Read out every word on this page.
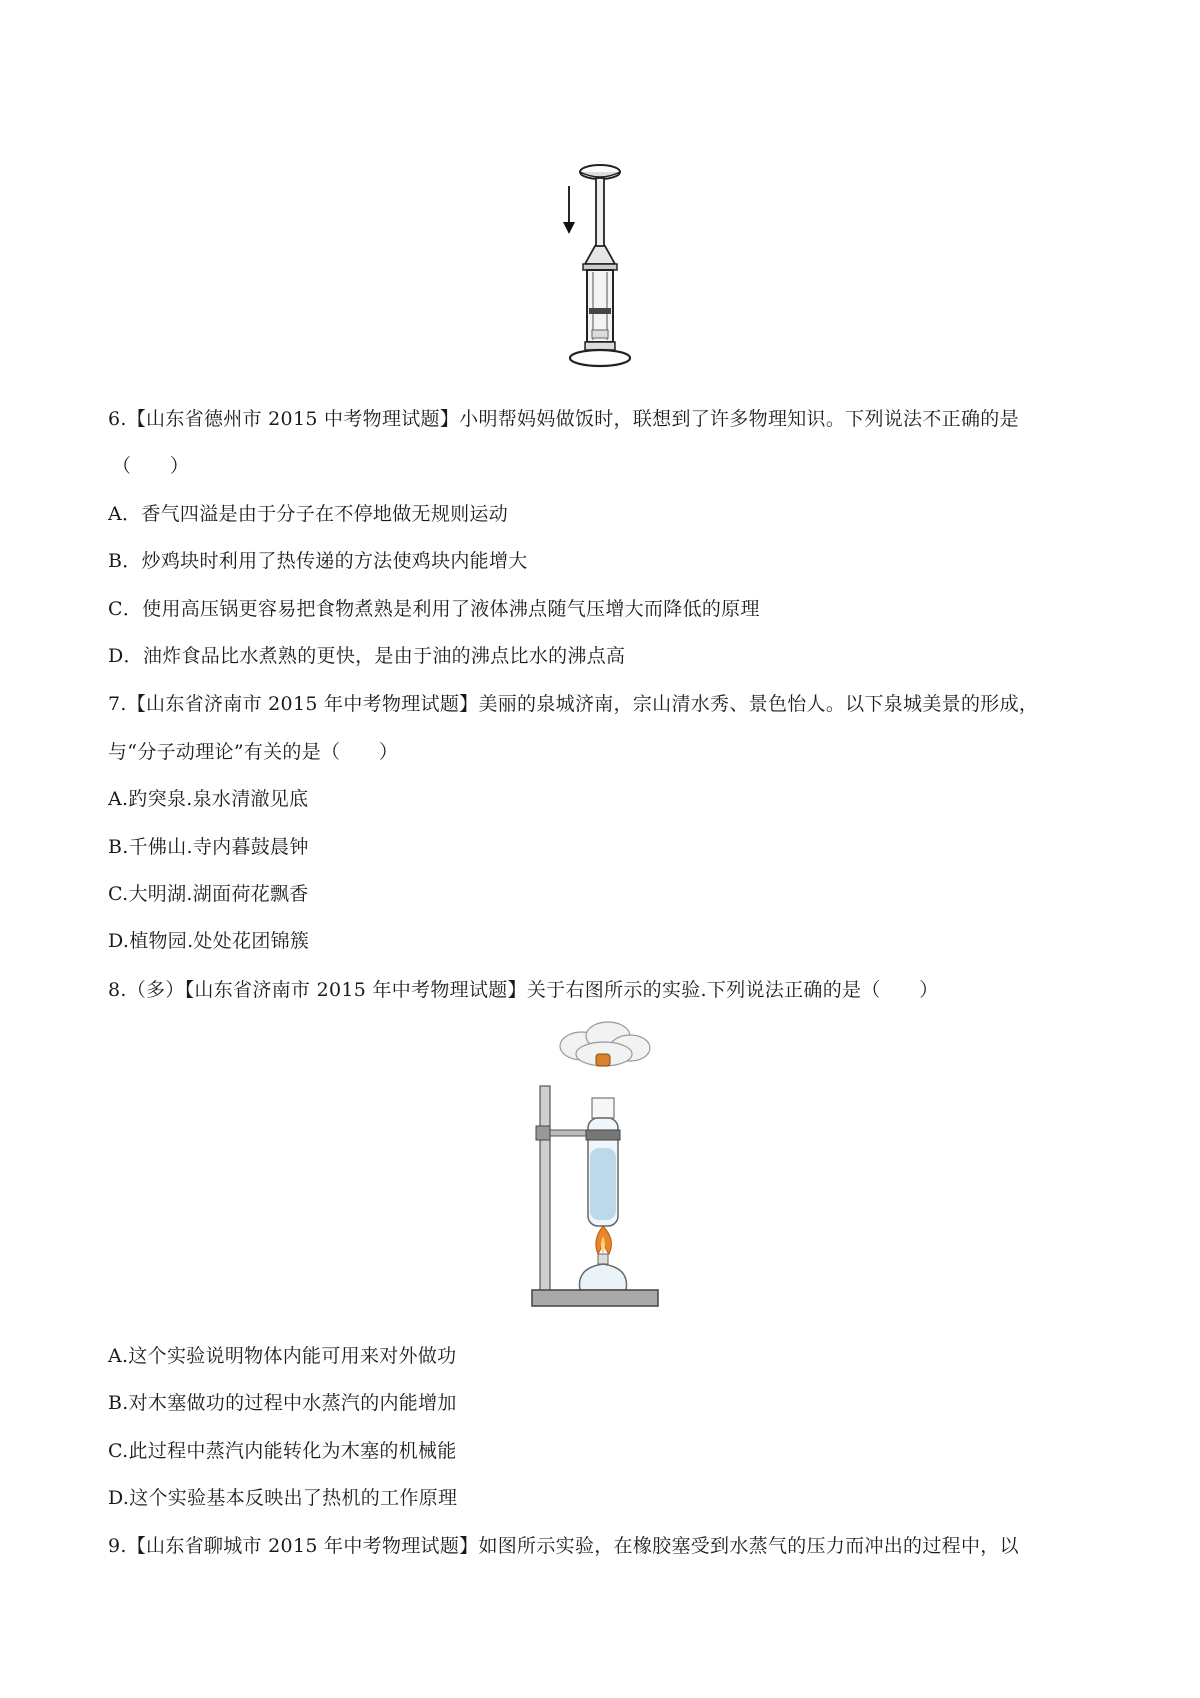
6.【山东省德州市 2015 中考物理试题】小明帮妈妈做饭时，联想到了许多物理知识。下列说法不正确的是
（　　）
A．香气四溢是由于分子在不停地做无规则运动
B．炒鸡块时利用了热传递的方法使鸡块内能增大
C．使用高压锅更容易把食物煮熟是利用了液体沸点随气压增大而降低的原理
D．油炸食品比水煮熟的更快，是由于油的沸点比水的沸点高
7.【山东省济南市 2015 年中考物理试题】美丽的泉城济南，宗山清水秀、景色怡人。以下泉城美景的形成，
与“分子动理论”有关的是（　　）
A.趵突泉.泉水清澈见底
B.千佛山.寺内暮鼓晨钟
C.大明湖.湖面荷花飘香
D.植物园.处处花团锦簇
8.（多）【山东省济南市 2015 年中考物理试题】关于右图所示的实验.下列说法正确的是（　　）
A.这个实验说明物体内能可用来对外做功
B.对木塞做功的过程中水蒸汽的内能增加
C.此过程中蒸汽内能转化为木塞的机械能
D.这个实验基本反映出了热机的工作原理
9.【山东省聊城市 2015 年中考物理试题】如图所示实验，在橡胶塞受到水蒸气的压力而冲出的过程中，以
